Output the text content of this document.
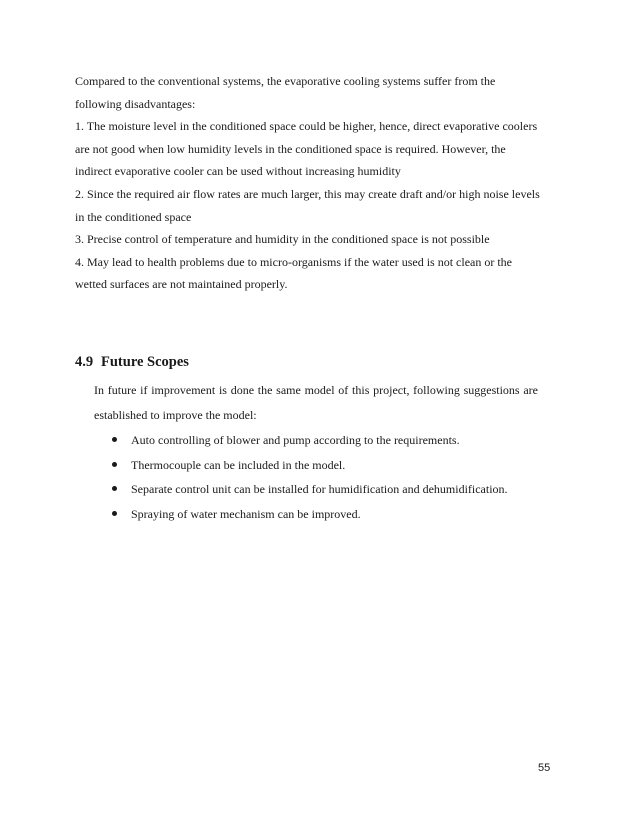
Compared to the conventional systems, the evaporative cooling systems suffer from the

following disadvantages:

1. The moisture level in the conditioned space could be higher, hence, direct evaporative coolers

are not good when low humidity levels in the conditioned space is required. However, the

indirect evaporative cooler can be used without increasing humidity

2. Since the required air flow rates are much larger, this may create draft and/or high noise levels

in the conditioned space

3. Precise control of temperature and humidity in the conditioned space is not possible

4. May lead to health problems due to micro-organisms if the water used is not clean or the

wetted surfaces are not maintained properly.

4.9 Future Scopes

In future if improvement is done the same model of this project, following suggestions are established to improve the model:

Auto controlling of blower and pump according to the requirements.
Thermocouple can be included in the model.
Separate control unit can be installed for humidification and dehumidification.
Spraying of water mechanism can be improved.
55
